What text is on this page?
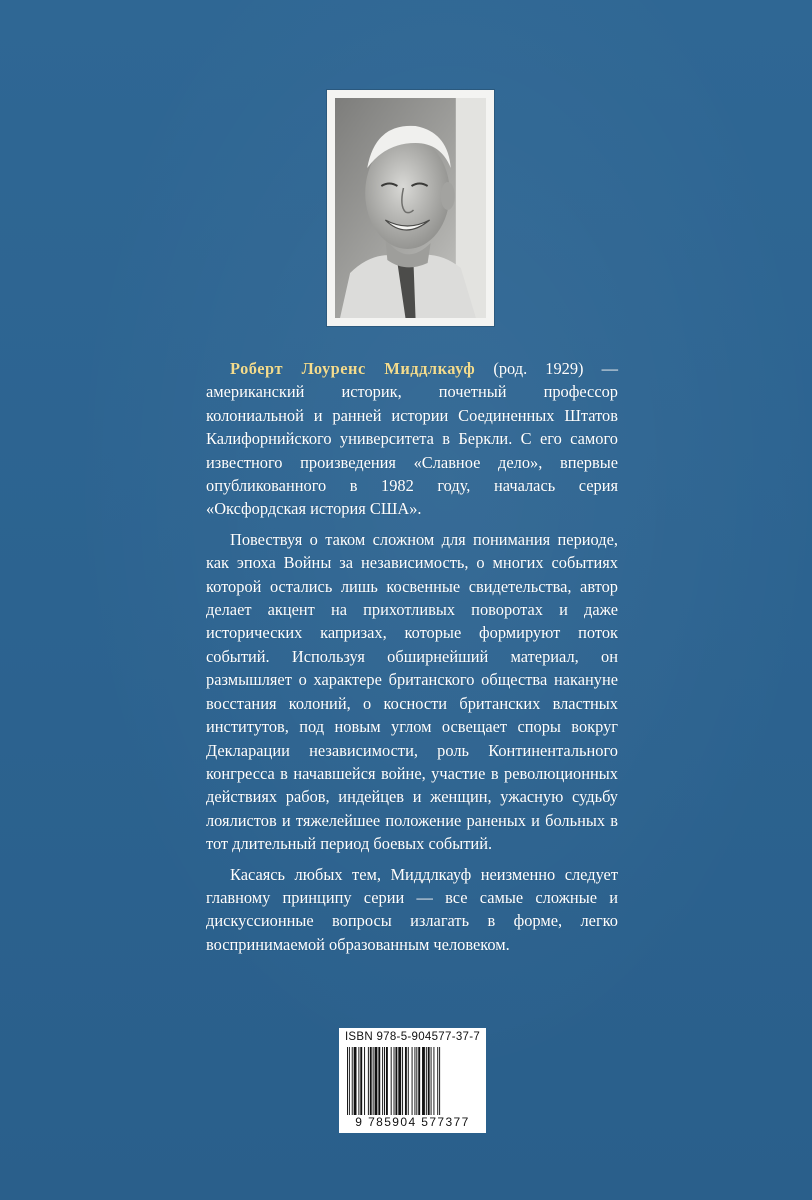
Роберт Лоуренс Миддлкауф (род. 1929) — американский историк, почетный профессор колониальной и ранней истории Соединенных Штатов Калифорнийского университета в Беркли. С его самого известного произведения «Славное дело», впервые опубликованного в 1982 году, началась серия «Оксфордская история США».

Повествуя о таком сложном для понимания периоде, как эпоха Войны за независимость, о многих событиях которой остались лишь косвенные свидетельства, автор делает акцент на прихотливых поворотах и даже исторических капризах, которые формируют поток событий. Используя обширнейший материал, он размышляет о характере британского общества накануне восстания колоний, о косности британских властных институтов, под новым углом освещает споры вокруг Декларации независимости, роль Континентального конгресса в начавшейся войне, участие в революционных действиях рабов, индейцев и женщин, ужасную судьбу лоялистов и тяжелейшее положение раненых и больных в тот длительный период боевых событий.

Касаясь любых тем, Миддлкауф неизменно следует главному принципу серии — все самые сложные и дискуссионные вопросы излагать в форме, легко воспринимаемой образованным человеком.

ISBN 978-5-904577-37-7
9 785904 577377
